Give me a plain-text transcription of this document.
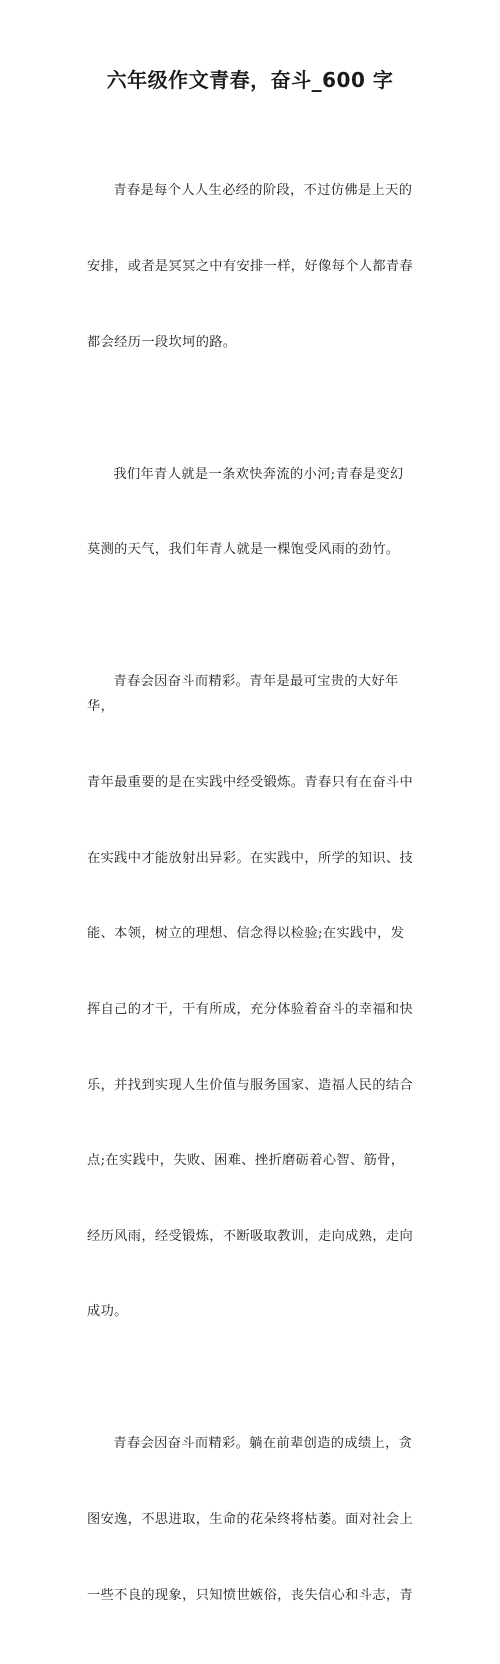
六年级作文青春，奋斗_600 字

青春是每个人人生必经的阶段，不过仿佛是上天的

安排，或者是冥冥之中有安排一样，好像每个人都青春

都会经历一段坎坷的路。

我们年青人就是一条欢快奔流的小河;青春是变幻

莫测的天气，我们年青人就是一棵饱受风雨的劲竹。

青春会因奋斗而精彩。青年是最可宝贵的大好年华，

青年最重要的是在实践中经受锻炼。青春只有在奋斗中

在实践中才能放射出异彩。在实践中，所学的知识、技

能、本领，树立的理想、信念得以检验;在实践中，发

挥自己的才干，干有所成，充分体验着奋斗的幸福和快

乐，并找到实现人生价值与服务国家、造福人民的结合

点;在实践中，失败、困难、挫折磨砺着心智、筋骨，

经历风雨，经受锻炼，不断吸取教训，走向成熟，走向

成功。

青春会因奋斗而精彩。躺在前辈创造的成绩上，贪

图安逸，不思进取，生命的花朵终将枯萎。面对社会上

一些不良的现象，只知愤世嫉俗，丧失信心和斗志，青
